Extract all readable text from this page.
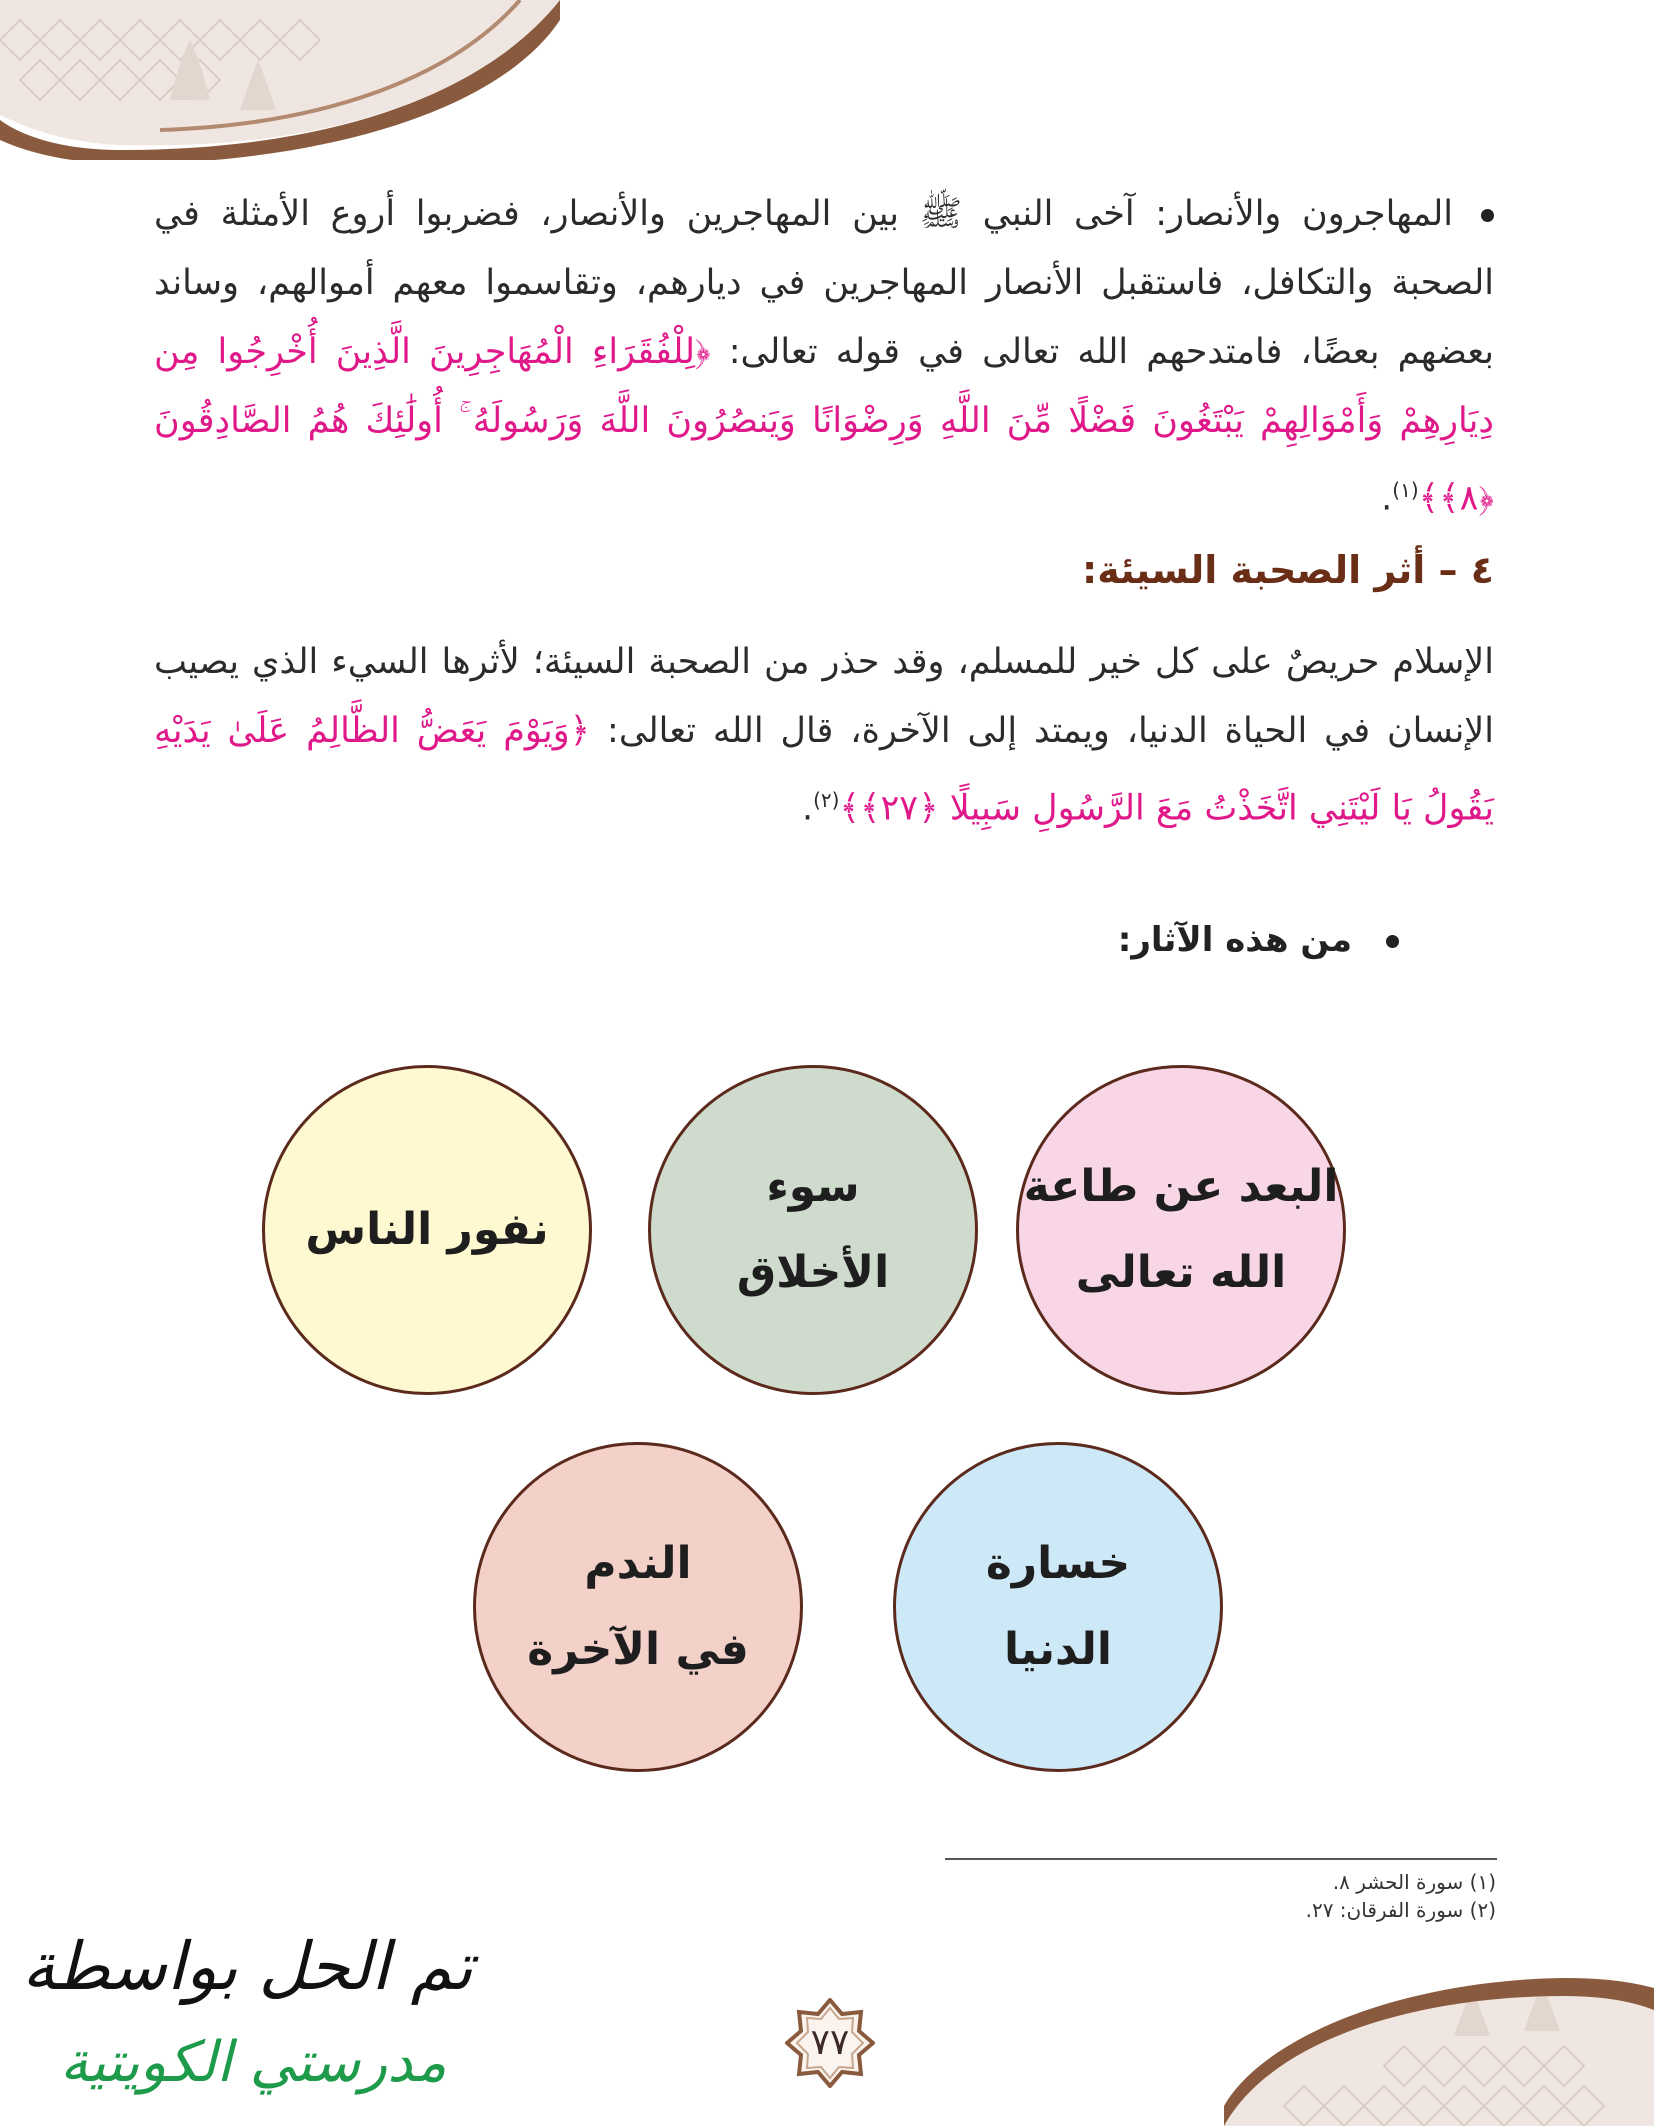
المهاجرون والأنصار: آخى النبي ﷺ بين المهاجرين والأنصار، فضربوا أروع الأمثلة في الصحبة والتكافل، فاستقبل الأنصار المهاجرين في ديارهم، وتقاسموا معهم أموالهم، وساند بعضهم بعضًا، فامتدحهم الله تعالى في قوله تعالى: ﴿لِلْفُقَرَاءِ الْمُهَاجِرِينَ الَّذِينَ أُخْرِجُوا مِن دِيَارِهِمْ وَأَمْوَالِهِمْ يَبْتَغُونَ فَضْلًا مِّنَ اللَّهِ وَرِضْوَانًا وَيَنصُرُونَ اللَّهَ وَرَسُولَهُ ۚ أُولَٰئِكَ هُمُ الصَّادِقُونَ ﴿٨﴾﴾$^{(١)}$.
٤ – أثر الصحبة السيئة:
الإسلام حريصٌ على كل خير للمسلم، وقد حذر من الصحبة السيئة؛ لأثرها السيء الذي يصيب الإنسان في الحياة الدنيا، ويمتد إلى الآخرة، قال الله تعالى: ﴿وَيَوْمَ يَعَضُّ الظَّالِمُ عَلَىٰ يَدَيْهِ يَقُولُ يَا لَيْتَنِي اتَّخَذْتُ مَعَ الرَّسُولِ سَبِيلًا ﴿٢٧﴾﴾$^{(٢)}$.
من هذه الآثار:
البعد عن طاعة
الله تعالى
سوء
الأخلاق
نفور الناس
خسارة
الدنيا
الندم
في الآخرة
(١) سورة الحشر ٨.
(٢) سورة الفرقان: ٢٧.
٧٧
تم الحل بواسطة
مدرستي الكويتية
